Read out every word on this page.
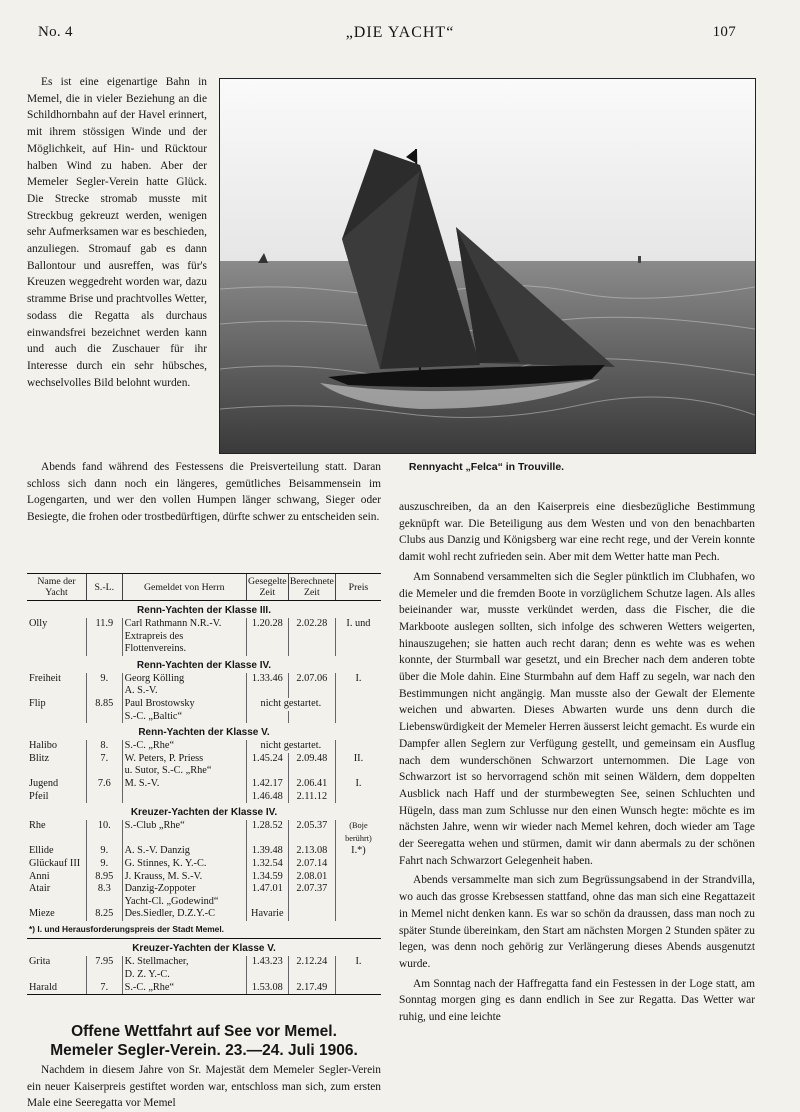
No. 4	„DIE YACHT“	107

Es ist eine eigenartige Bahn in Memel, die in vieler Beziehung an die Schildhornbahn auf der Havel erinnert, mit ihrem stössigen Winde und der Möglichkeit, auf Hin- und Rücktour halben Wind zu haben. Aber der Memeler Segler-Verein hatte Glück. Die Strecke stromab musste mit Streckbug gekreuzt werden, wenigen sehr Aufmerksamen war es beschieden, anzuliegen. Stromauf gab es dann Ballontour und ausreffen, was für's Kreuzen weggedreht worden war, dazu stramme Brise und prachtvolles Wetter, sodass die Regatta als durchaus einwandsfrei bezeichnet werden kann und auch die Zuschauer für ihr Interesse durch ein sehr hübsches, wechselvolles Bild belohnt wurden.

Rennyacht „Felca“ in Trouville.

Abends fand während des Festessens die Preisverteilung statt. Daran schloss sich dann noch ein längeres, gemütliches Beisammensein im Logengarten, und wer den vollen Humpen länger schwang, Sieger oder Besiegte, die frohen oder trostbedürftigen, dürfte schwer zu entscheiden sein.

Name der Yacht	S.-L.	Gemeldet von Herrn	Gesegelte Zeit	Berechnete Zeit	Preis
Renn-Yachten der Klasse III.					
Olly	11.9	Carl Rathmann N.R.-V.	1.20.28	2.02.28	I. und
		Extrapreis des Flottenvereins.			
Renn-Yachten der Klasse IV.					
Freiheit	9.	Georg Kölling	1.33.46	2.07.06	I.
		A. S.-V.			
Flip	8.85	Paul Brostowsky	nicht gestartet.		
		S.-C. „Baltic“			
Renn-Yachten der Klasse V.					
Halibo	8.	S.-C. „Rhe“	nicht gestartet.		
Blitz	7.	W. Peters, P. Priess	1.45.24	2.09.48	II.
		u. Sutor, S.-C. „Rhe“			
Jugend	7.6	M. S.-V.	1.42.17	2.06.41	I.
Pfeil			1.46.48	2.11.12	
Kreuzer-Yachten der Klasse IV.					
Rhe	10.	S.-Club „Rhe“	1.28.52	2.05.37	(Boje berührt)
Ellide	9.	A. S.-V. Danzig	1.39.48	2.13.08	I.*)
Glückauf III	9.	G. Stinnes, K. Y.-C.	1.32.54	2.07.14	
Anni	8.95	J. Krauss, M. S.-V.	1.34.59	2.08.01	
Atair	8.3	Danzig-Zoppoter	1.47.01	2.07.37	
		Yacht-Cl. „Godewind“			
Mieze	8.25	Des.Siedler, D.Z.Y.-C	Havarie		
*) I. und Herausforderungspreis der Stadt Memel.					
Kreuzer-Yachten der Klasse V.					
Grita	7.95	K. Stellmacher,	1.43.23	2.12.24	I.
		D. Z. Y.-C.			
Harald	7.	S.-C. „Rhe“	1.53.08	2.17.49	
Offene Wettfahrt auf See vor Memel.
Memeler Segler-Verein. 23.—24. Juli 1906.

Nachdem in diesem Jahre von Sr. Majestät dem Memeler Segler-Verein ein neuer Kaiserpreis gestiftet worden war, entschloss man sich, zum ersten Male eine Seeregatta vor Memel

auszuschreiben, da an den Kaiserpreis eine diesbezügliche Bestimmung geknüpft war. Die Beteiligung aus dem Westen und von den benachbarten Clubs aus Danzig und Königsberg war eine recht rege, und der Verein konnte damit wohl recht zufrieden sein. Aber mit dem Wetter hatte man Pech.

Am Sonnabend versammelten sich die Segler pünktlich im Clubhafen, wo die Memeler und die fremden Boote in vorzüglichem Schutze lagen. Als alles beieinander war, musste verkündet werden, dass die Fischer, die die Markboote auslegen sollten, sich infolge des schweren Wetters weigerten, hinauszugehen; sie hatten auch recht daran; denn es wehte was es wehen konnte, der Sturmball war gesetzt, und ein Brecher nach dem anderen tobte über die Mole dahin. Eine Sturmbahn auf dem Haff zu segeln, war nach den Bestimmungen nicht angängig. Man musste also der Gewalt der Elemente weichen und abwarten. Dieses Abwarten wurde uns denn durch die Liebenswürdigkeit der Memeler Herren äusserst leicht gemacht. Es wurde ein Dampfer allen Seglern zur Verfügung gestellt, und gemeinsam ein Ausflug nach dem wunderschönen Schwarzort unternommen. Die Lage von Schwarzort ist so hervorragend schön mit seinen Wäldern, dem doppelten Ausblick nach Haff und der sturmbewegten See, seinen Schluchten und Hügeln, dass man zum Schlusse nur den einen Wunsch hegte: möchte es im nächsten Jahre, wenn wir wieder nach Memel kehren, doch wieder am Tage der Seeregatta wehen und stürmen, damit wir dann abermals zu der schönen Fahrt nach Schwarzort Gelegenheit haben.

Abends versammelte man sich zum Begrüssungsabend in der Strandvilla, wo auch das grosse Krebsessen stattfand, ohne das man sich eine Regattazeit in Memel nicht denken kann. Es war so schön da draussen, dass man noch zu später Stunde übereinkam, den Start am nächsten Morgen 2 Stunden später zu legen, was denn noch gehörig zur Verlängerung dieses Abends ausgenutzt wurde.

Am Sonntag nach der Haffregatta fand ein Festessen in der Loge statt, am Sonntag morgen ging es dann endlich in See zur Regatta. Das Wetter war ruhig, und eine leichte
